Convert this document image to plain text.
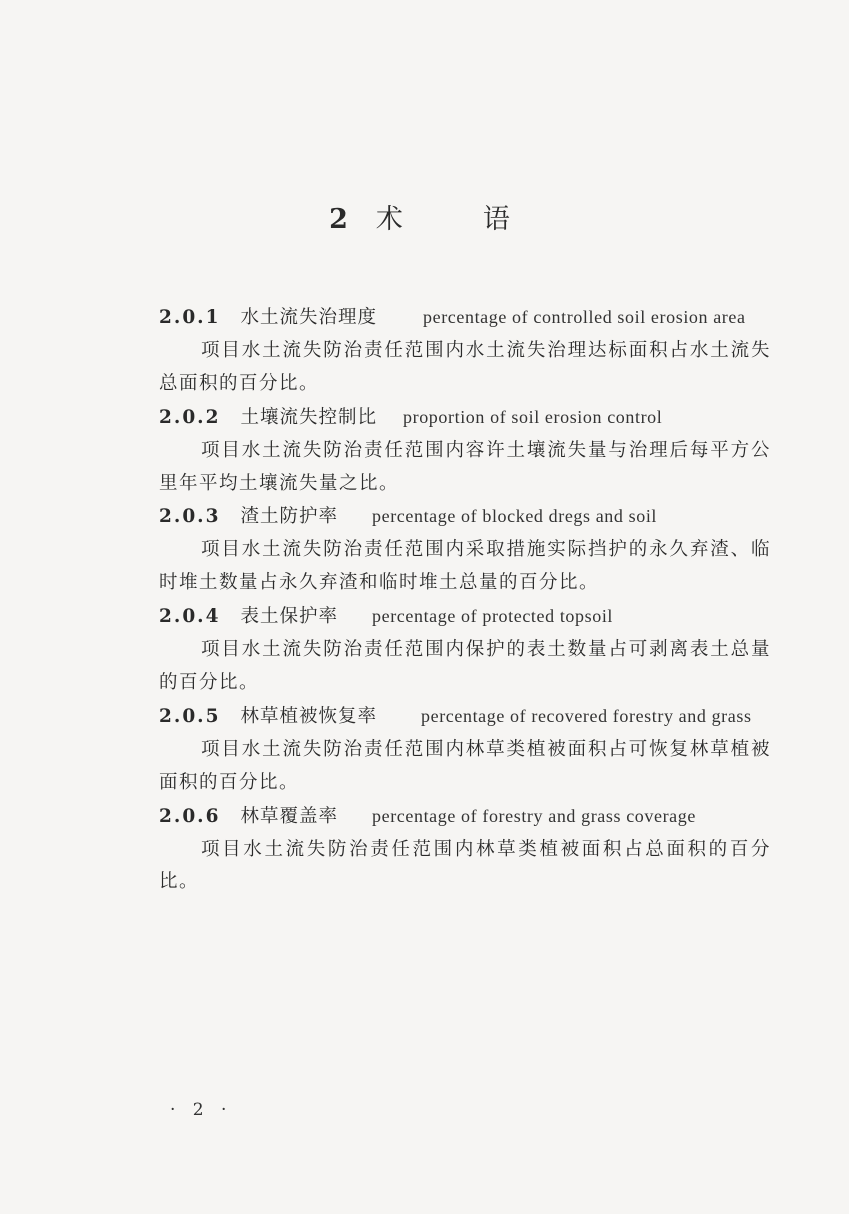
2 术	语
2.0.1 水土流失治理度	percentage of controlled soil erosion area
项目水土流失防治责任范围内水土流失治理达标面积占水土流失总面积的百分比。
2.0.2 土壤流失控制比 proportion of soil erosion control
项目水土流失防治责任范围内容许土壤流失量与治理后每平方公里年平均土壤流失量之比。
2.0.3 渣土防护率 percentage of blocked dregs and soil
项目水土流失防治责任范围内采取措施实际挡护的永久弃渣、临时堆土数量占永久弃渣和临时堆土总量的百分比。
2.0.4 表土保护率 percentage of protected topsoil
项目水土流失防治责任范围内保护的表土数量占可剥离表土总量的百分比。
2.0.5 林草植被恢复率 percentage of recovered forestry and grass
项目水土流失防治责任范围内林草类植被面积占可恢复林草植被面积的百分比。
2.0.6 林草覆盖率 percentage of forestry and grass coverage
项目水土流失防治责任范围内林草类植被面积占总面积的百分比。
· 2 ·
